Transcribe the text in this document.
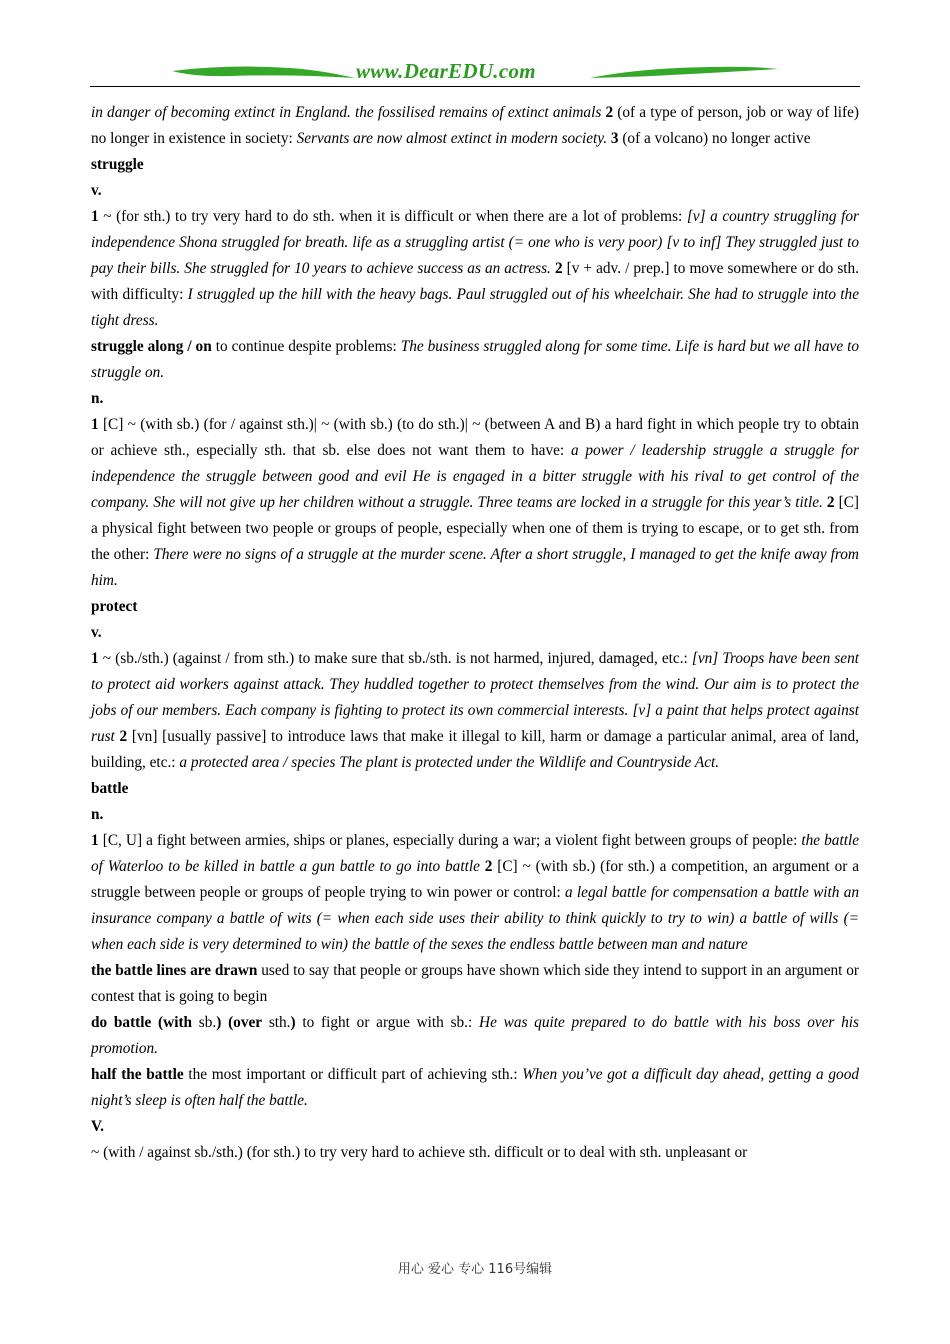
www.DearEDU.com

in danger of becoming extinct in England. the fossilised remains of extinct animals 2 (of a type of person, job or way of life) no longer in existence in society: Servants are now almost extinct in modern society. 3 (of a volcano) no longer active

struggle

v.

1 ~ (for sth.) to try very hard to do sth. when it is difficult or when there are a lot of problems: [v] a country struggling for independence Shona struggled for breath. life as a struggling artist (= one who is very poor) [v to inf] They struggled just to pay their bills. She struggled for 10 years to achieve success as an actress. 2 [v + adv. / prep.] to move somewhere or do sth. with difficulty: I struggled up the hill with the heavy bags. Paul struggled out of his wheelchair. She had to struggle into the tight dress.

struggle along / on to continue despite problems: The business struggled along for some time. Life is hard but we all have to struggle on.

n.

1 [C] ~ (with sb.) (for / against sth.)| ~ (with sb.) (to do sth.)| ~ (between A and B) a hard fight in which people try to obtain or achieve sth., especially sth. that sb. else does not want them to have: a power / leadership struggle a struggle for independence the struggle between good and evil He is engaged in a bitter struggle with his rival to get control of the company. She will not give up her children without a struggle. Three teams are locked in a struggle for this year’s title. 2 [C] a physical fight between two people or groups of people, especially when one of them is trying to escape, or to get sth. from the other: There were no signs of a struggle at the murder scene. After a short struggle, I managed to get the knife away from him.

protect

v.

1 ~ (sb./sth.) (against / from sth.) to make sure that sb./sth. is not harmed, injured, damaged, etc.: [vn] Troops have been sent to protect aid workers against attack. They huddled together to protect themselves from the wind. Our aim is to protect the jobs of our members. Each company is fighting to protect its own commercial interests. [v] a paint that helps protect against rust 2 [vn] [usually passive] to introduce laws that make it illegal to kill, harm or damage a particular animal, area of land, building, etc.: a protected area / species The plant is protected under the Wildlife and Countryside Act.

battle

n.

1 [C, U] a fight between armies, ships or planes, especially during a war; a violent fight between groups of people: the battle of Waterloo to be killed in battle a gun battle to go into battle 2 [C] ~ (with sb.) (for sth.) a competition, an argument or a struggle between people or groups of people trying to win power or control: a legal battle for compensation a battle with an insurance company a battle of wits (= when each side uses their ability to think quickly to try to win) a battle of wills (= when each side is very determined to win) the battle of the sexes the endless battle between man and nature

the battle lines are drawn used to say that people or groups have shown which side they intend to support in an argument or contest that is going to begin

do battle (with sb.) (over sth.) to fight or argue with sb.: He was quite prepared to do battle with his boss over his promotion.

half the battle the most important or difficult part of achieving sth.: When you’ve got a difficult day ahead, getting a good night’s sleep is often half the battle.

V.

~ (with / against sb./sth.) (for sth.) to try very hard to achieve sth. difficult or to deal with sth. unpleasant or

用心 爱心 专心 116号编辑
